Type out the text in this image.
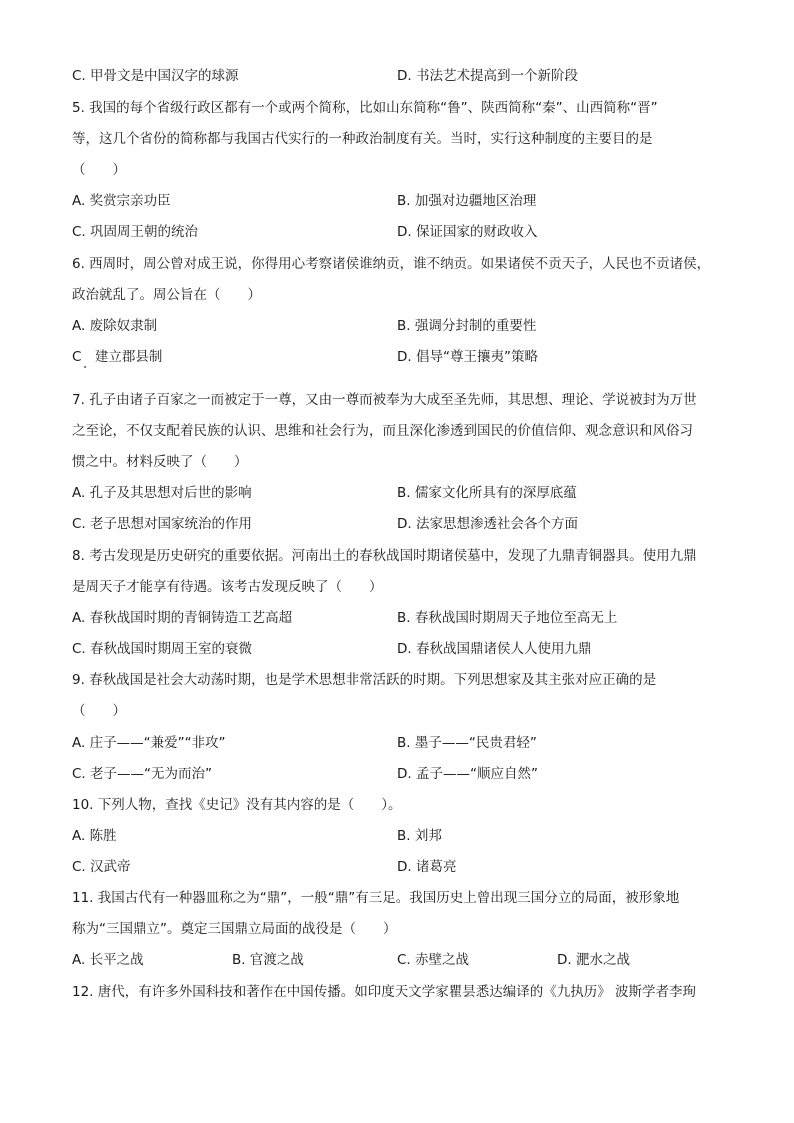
C. 甲骨文是中国汉字的球源	D. 书法艺术提高到一个新阶段
5. 我国的每个省级行政区都有一个或两个简称，比如山东简称“鲁”、陕西简称“秦”、山西简称“晋”
等，这几个省份的简称都与我国古代实行的一种政治制度有关。当时，实行这种制度的主要目的是
（　　）
A. 奖赏宗亲功臣	B. 加强对边疆地区治理
C. 巩固周王朝的统治	D. 保证国家的财政收入
6. 西周时，周公曾对成王说，你得用心考察诸侯谁纳贡，谁不纳贡。如果诸侯不贡天子，人民也不贡诸侯，
政治就乱了。周公旨在（　　）
A. 废除奴隶制	B. 强调分封制的重要性
C　建立郡县制	D. 倡导“尊王攘夷”策略
7. 孔子由诸子百家之一而被定于一尊，又由一尊而被奉为大成至圣先师，其思想、理论、学说被封为万世
之至论，不仅支配着民族的认识、思维和社会行为，而且深化渗透到国民的价值信仰、观念意识和风俗习
惯之中。材料反映了（　　）
A. 孔子及其思想对后世的影响	B. 儒家文化所具有的深厚底蕴
C. 老子思想对国家统治的作用	D. 法家思想渗透社会各个方面
8. 考古发现是历史研究的重要依据。河南出土的春秋战国时期诸侯墓中，发现了九鼎青铜器具。使用九鼎
是周天子才能享有待遇。该考古发现反映了（　　）
A. 春秋战国时期的青铜铸造工艺高超	B. 春秋战国时期周天子地位至高无上
C. 春秋战国时期周王室的衰微	D. 春秋战国鼎诸侯人人使用九鼎
9. 春秋战国是社会大动荡时期，也是学术思想非常活跃的时期。下列思想家及其主张对应正确的是
（　　）
A. 庄子——“兼爱”“非攻”	B. 墨子——“民贵君轻”
C. 老子——“无为而治”	D. 孟子——“顺应自然”
10. 下列人物，查找《史记》没有其内容的是（　　）。
A. 陈胜	B. 刘邦
C. 汉武帝	D. 诸葛亮
11. 我国古代有一种器皿称之为“鼎”，一般“鼎”有三足。我国历史上曾出现三国分立的局面，被形象地
称为“三国鼎立”。奠定三国鼎立局面的战役是（　　）
A. 长平之战	B. 官渡之战	C. 赤壁之战	D. 淝水之战
12. 唐代，有许多外国科技和著作在中国传播。如印度天文学家瞿昙悉达编译的《九执历》 波斯学者李珣
